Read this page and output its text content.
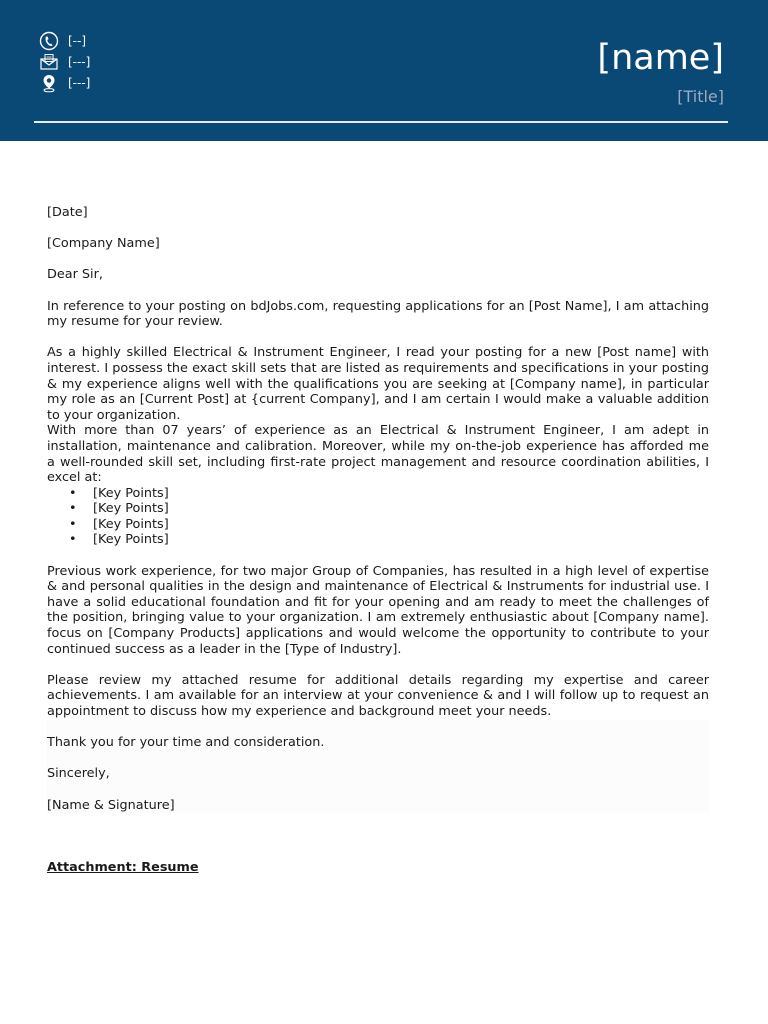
[--]
[---]
[---]
[name]
[Title]

[Date]

[Company Name]

Dear Sir,

In reference to your posting on bdJobs.com, requesting applications for an [Post Name], I am attaching my resume for your review.

As a highly skilled Electrical & Instrument Engineer, I read your posting for a new [Post name] with interest. I possess the exact skill sets that are listed as requirements and specifications in your posting & my experience aligns well with the qualifications you are seeking at [Company name], in particular my role as an [Current Post] at {current Company], and I am certain I would make a valuable addition to your organization.

With more than 07 years’ of experience as an Electrical & Instrument Engineer, I am adept in installation, maintenance and calibration. Moreover, while my on-the-job experience has afforded me a well-rounded skill set, including first-rate project management and resource coordination abilities, I excel at:

• [Key Points]
• [Key Points]
• [Key Points]
• [Key Points]

Previous work experience, for two major Group of Companies, has resulted in a high level of expertise & and personal qualities in the design and maintenance of Electrical & Instruments for industrial use. I have a solid educational foundation and fit for your opening and am ready to meet the challenges of the position, bringing value to your organization. I am extremely enthusiastic about [Company name]. focus on [Company Products] applications and would welcome the opportunity to contribute to your continued success as a leader in the [Type of Industry].

Please review my attached resume for additional details regarding my expertise and career achievements. I am available for an interview at your convenience & and I will follow up to request an appointment to discuss how my experience and background meet your needs.

Thank you for your time and consideration.

Sincerely,

[Name & Signature]

Attachment: Resume
